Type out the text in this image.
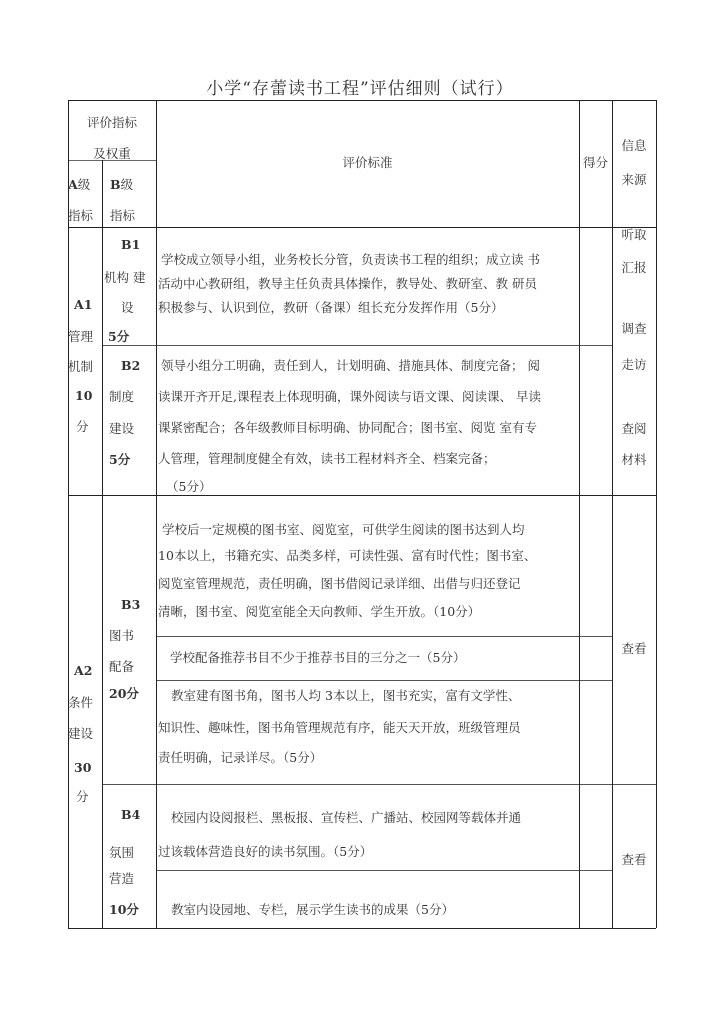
小学“存蕾读书工程”评估细则（试行）
评价指标
及权重
A级
指标
B级
指标
评价标准	得分
信息
来源
A1
管理
机制
10
分
B1
机构 建
设
5分
学校成立领导小组，业务校长分管，负责读书工程的组织；成立读 书
活动中心教研组，教导主任负责具体操作，教导处、教研室、教 研员
积极参与、认识到位，教研（备课）组长充分发挥作用（5分）
B2
制度
建设
5分
领导小组分工明确，责任到人，计划明确、措施具体、制度完备； 阅
读课开齐开足,课程表上体现明确，课外阅读与语文课、阅读课、 早读
课紧密配合；各年级教师目标明确、协同配合；图书室、阅览 室有专
人管理，管理制度健全有效，读书工程材料齐全、档案完备；
（5分）
听取
汇报
调查
走访
查阅
材料
A2
条件
建设
30
分
B3
图书
配备
20分
学校后一定规模的图书室、阅览室，可供学生阅读的图书达到人均
10本以上，书籍充实、品类多样，可读性强、富有时代性；图书室、
阅览室管理规范，责任明确，图书借阅记录详细、出借与归还登记
清晰，图书室、阅览室能全天向教师、学生开放。（10分）
学校配备推荐书目不少于推荐书目的三分之一（5分）
教室建有图书角，图书人均 3本以上，图书充实，富有文学性、
知识性、趣味性，图书角管理规范有序，能天天开放，班级管理员
责任明确，记录详尽。（5分）
查看
B4
氛围
营造
10分
校园内设阅报栏、黑板报、宣传栏、广播站、校园网等载体并通
过该载体营造良好的读书氛围。（5分）
教室内设园地、专栏，展示学生读书的成果（5分）
查看
